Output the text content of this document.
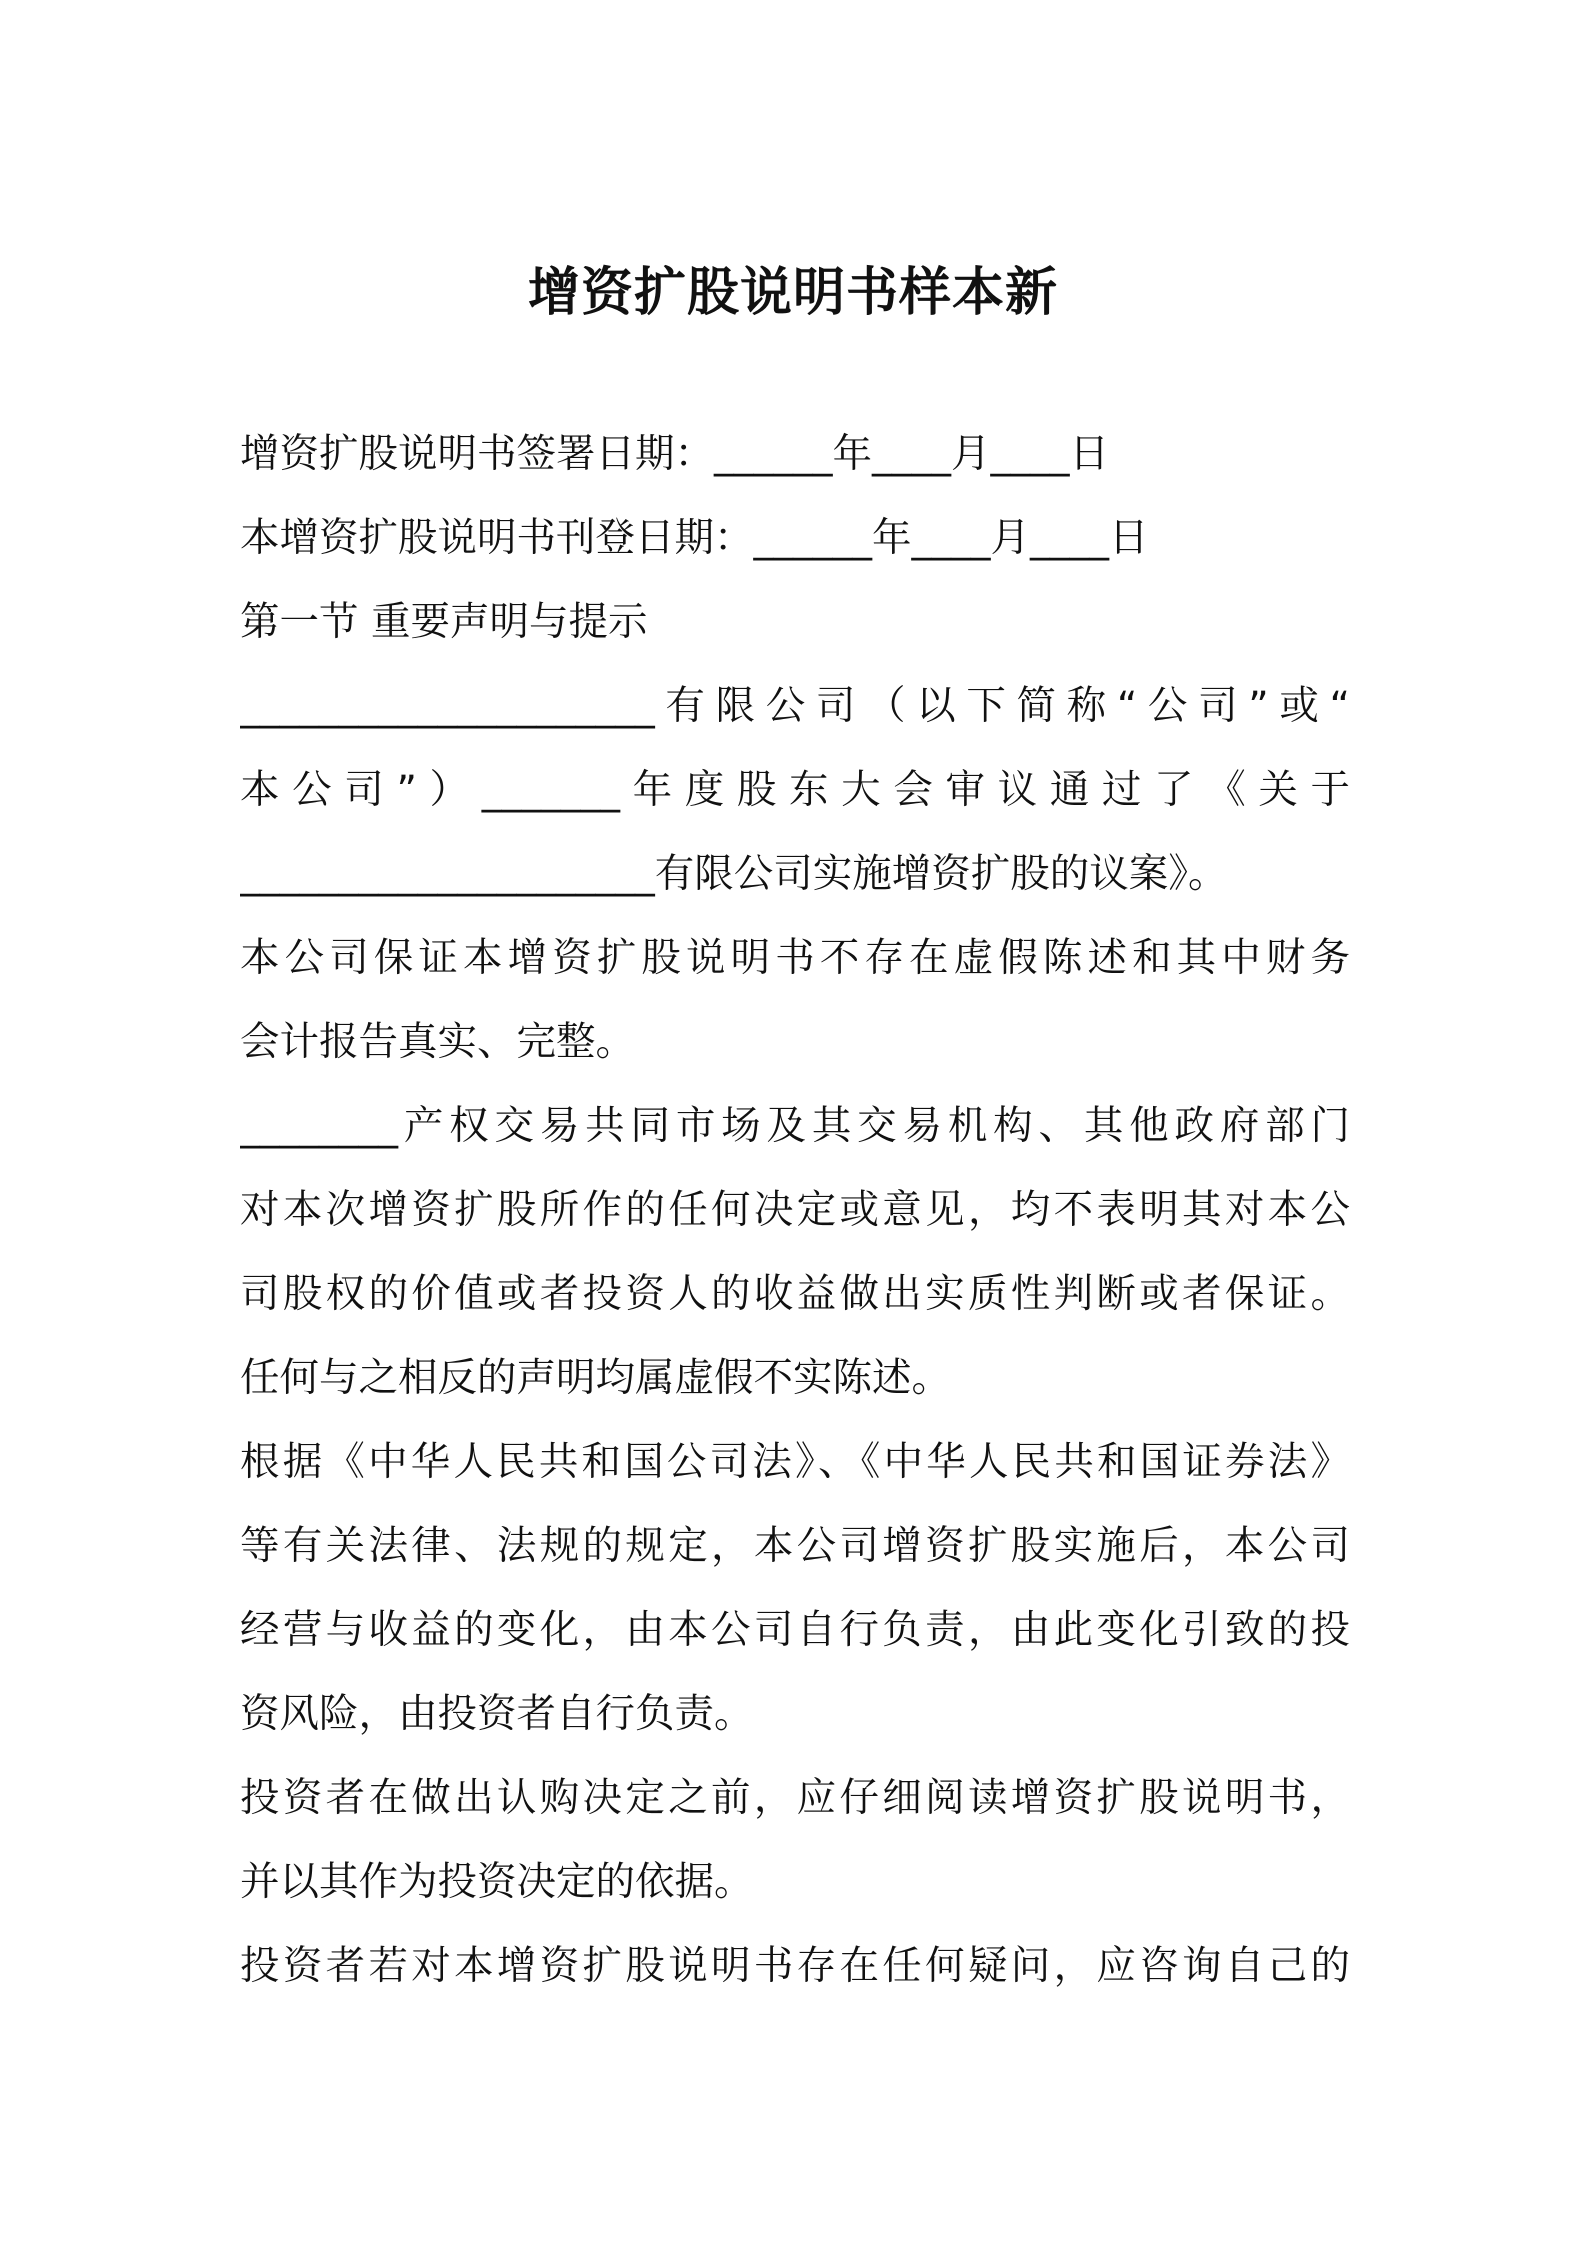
增资扩股说明书样本新
增资扩股说明书签署日期：______年____月____日
本增资扩股说明书刊登日期：______年____月____日
第一节 重要声明与提示
_____________________有限公司（以下简称“公司”或“
本公司”）_______年度股东大会审议通过了《关于
_____________________有限公司实施增资扩股的议案》。
本公司保证本增资扩股说明书不存在虚假陈述和其中财务
会计报告真实、完整。
________产权交易共同市场及其交易机构、其他政府部门
对本次增资扩股所作的任何决定或意见，均不表明其对本公
司股权的价值或者投资人的收益做出实质性判断或者保证。
任何与之相反的声明均属虚假不实陈述。
根据《中华人民共和国公司法》、《中华人民共和国证券法》
等有关法律、法规的规定，本公司增资扩股实施后，本公司
经营与收益的变化，由本公司自行负责，由此变化引致的投
资风险，由投资者自行负责。
投资者在做出认购决定之前，应仔细阅读增资扩股说明书，
并以其作为投资决定的依据。
投资者若对本增资扩股说明书存在任何疑问，应咨询自己的
